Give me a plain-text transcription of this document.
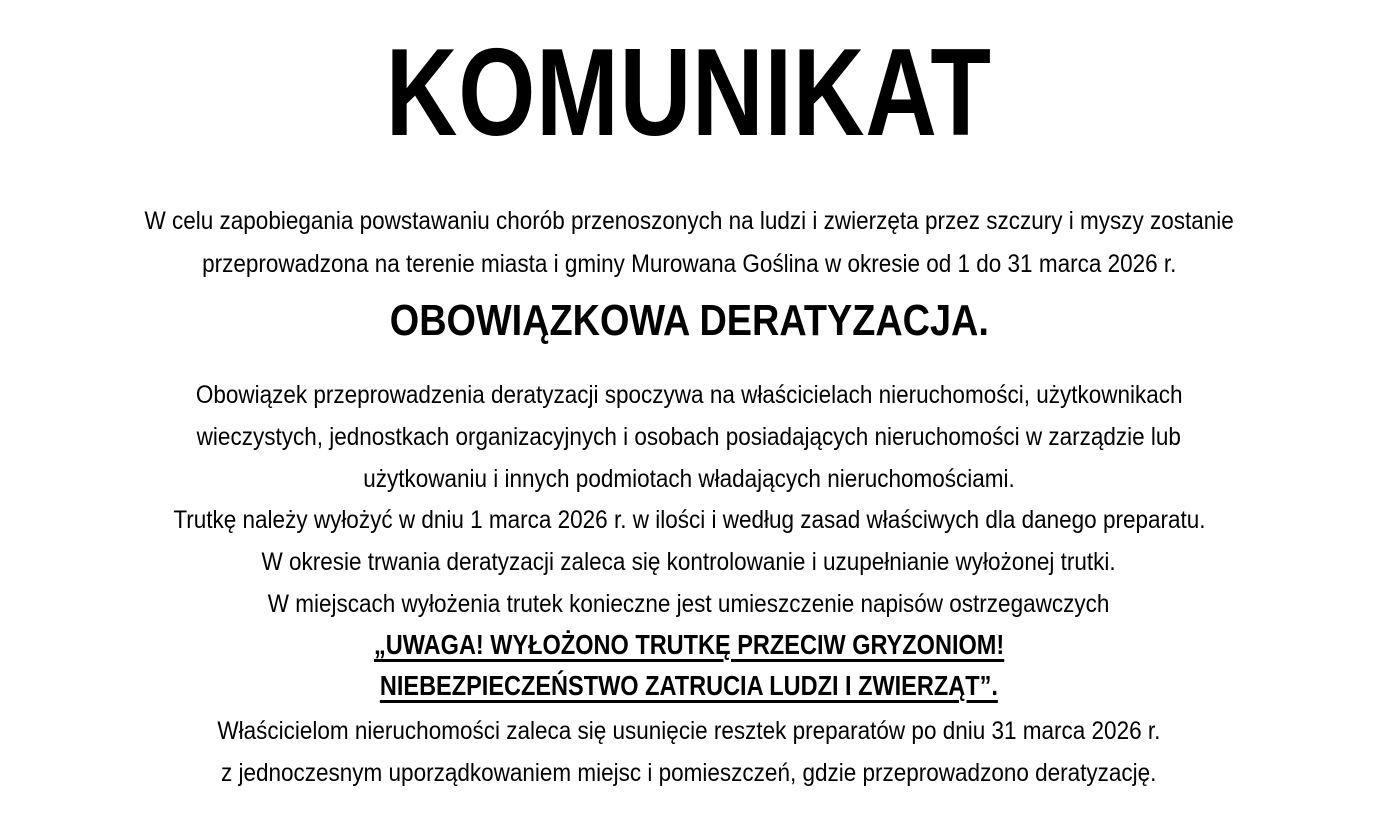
KOMUNIKAT
W celu zapobiegania powstawaniu chorób przenoszonych na ludzi i zwierzęta przez szczury i myszy zostanie
przeprowadzona na terenie miasta i gminy Murowana Goślina w okresie od 1 do 31 marca 2026 r.
OBOWIĄZKOWA DERATYZACJA.
Obowiązek przeprowadzenia deratyzacji spoczywa na właścicielach nieruchomości, użytkownikach
wieczystych, jednostkach organizacyjnych i osobach posiadających nieruchomości w zarządzie lub
użytkowaniu i innych podmiotach władających nieruchomościami.
Trutkę należy wyłożyć w dniu 1 marca 2026 r. w ilości i według zasad właściwych dla danego preparatu.
W okresie trwania deratyzacji zaleca się kontrolowanie i uzupełnianie wyłożonej trutki.
W miejscach wyłożenia trutek konieczne jest umieszczenie napisów ostrzegawczych
„UWAGA! WYŁOŻONO TRUTKĘ PRZECIW GRYZONIOM!
NIEBEZPIECZEŃSTWO ZATRUCIA LUDZI I ZWIERZĄT”.
Właścicielom nieruchomości zaleca się usunięcie resztek preparatów po dniu 31 marca 2026 r.
z jednoczesnym uporządkowaniem miejsc i pomieszczeń, gdzie przeprowadzono deratyzację.
